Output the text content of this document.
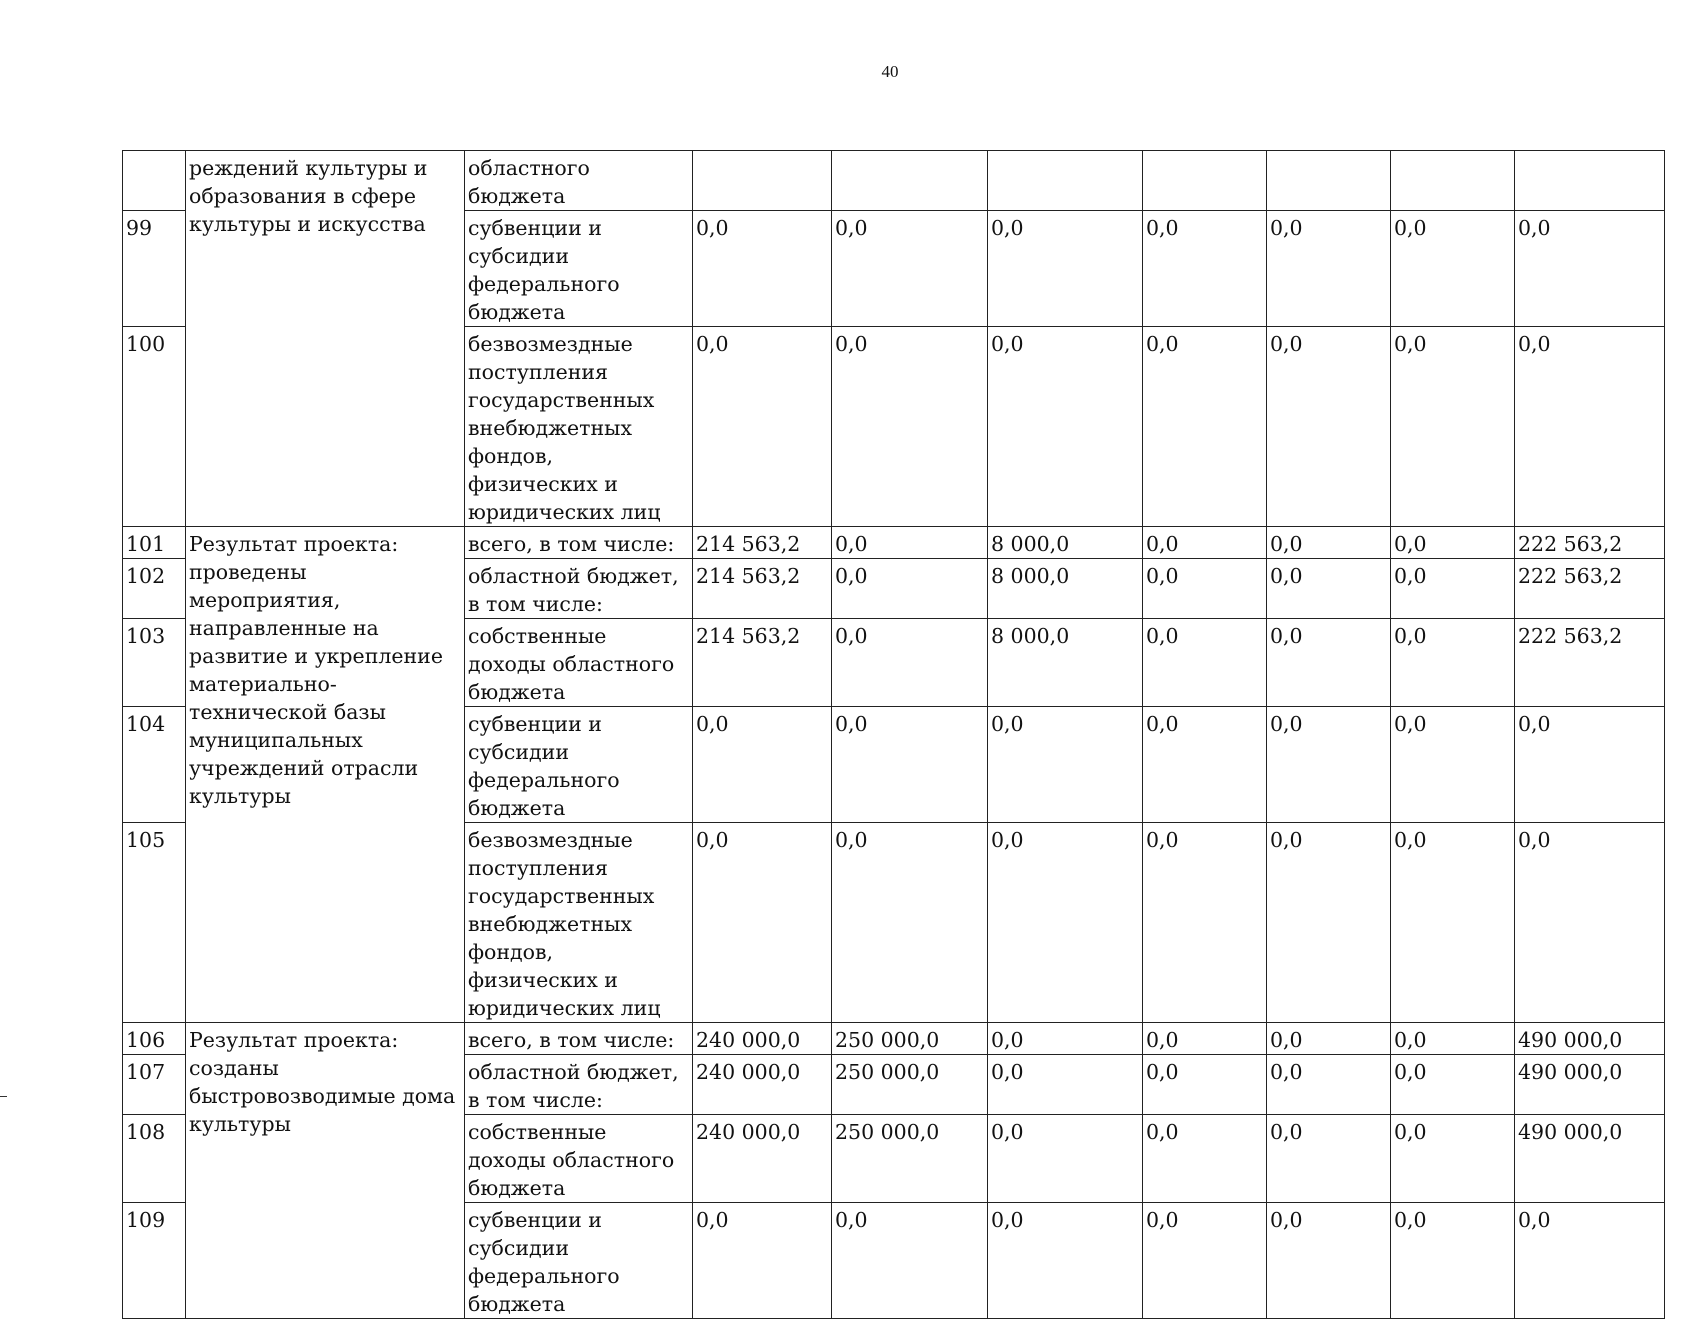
40
	реждений культуры и образования в сфере культуры и искусства	областного бюджета							
99		субвенции и субсидии федерального бюджета	0,0	0,0	0,0	0,0	0,0	0,0	0,0
100		безвозмездные поступления государственных внебюджетных фондов, физических и юридических лиц	0,0	0,0	0,0	0,0	0,0	0,0	0,0
101	Результат проекта: проведены мероприятия, направленные на развитие и укрепление материально-технической базы муниципальных учреждений отрасли культуры	всего, в том числе:	214 563,2	0,0	8 000,0	0,0	0,0	0,0	222 563,2
102		областной бюджет, в том числе:	214 563,2	0,0	8 000,0	0,0	0,0	0,0	222 563,2
103		собственные доходы областного бюджета	214 563,2	0,0	8 000,0	0,0	0,0	0,0	222 563,2
104		субвенции и субсидии федерального бюджета	0,0	0,0	0,0	0,0	0,0	0,0	0,0
105		безвозмездные поступления государственных внебюджетных фондов, физических и юридических лиц	0,0	0,0	0,0	0,0	0,0	0,0	0,0
106	Результат проекта: созданы быстровозводимые дома культуры	всего, в том числе:	240 000,0	250 000,0	0,0	0,0	0,0	0,0	490 000,0
107		областной бюджет, в том числе:	240 000,0	250 000,0	0,0	0,0	0,0	0,0	490 000,0
108		собственные доходы областного бюджета	240 000,0	250 000,0	0,0	0,0	0,0	0,0	490 000,0
109		субвенции и субсидии федерального бюджета	0,0	0,0	0,0	0,0	0,0	0,0	0,0
